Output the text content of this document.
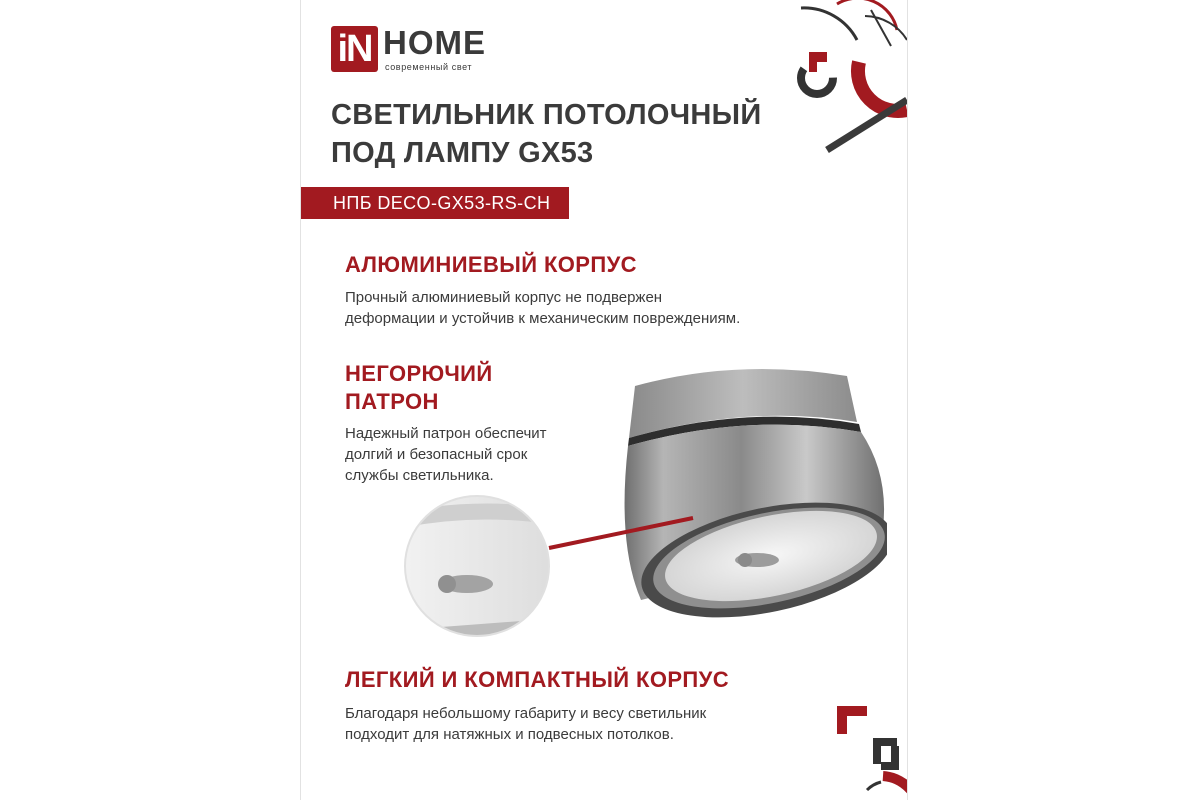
iN HOME
современный свет
СВЕТИЛЬНИК ПОТОЛОЧНЫЙ
ПОД ЛАМПУ GX53
НПБ DECO-GX53-RS-CH
АЛЮМИНИЕВЫЙ КОРПУС
Прочный алюминиевый корпус не подвержен
деформации и устойчив к механическим повреждениям.
НЕГОРЮЧИЙ
ПАТРОН
Надежный патрон обеспечит
долгий и безопасный срок
службы светильника.
ЛЕГКИЙ И КОМПАКТНЫЙ КОРПУС
Благодаря небольшому габариту и весу светильник
подходит для натяжных и подвесных потолков.
